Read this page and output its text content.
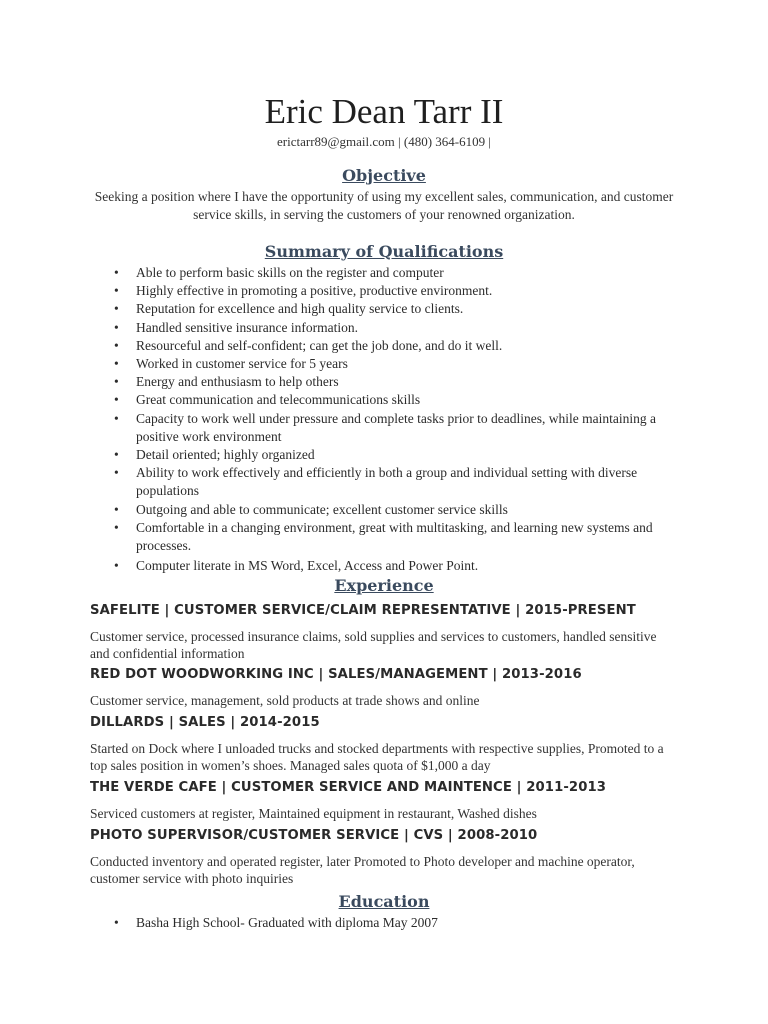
Eric Dean Tarr II
erictarr89@gmail.com | (480) 364-6109 |
Objective
Seeking a position where I have the opportunity of using my excellent sales, communication, and customer service skills, in serving the customers of your renowned organization.
Summary of Qualifications
• Able to perform basic skills on the register and computer
• Highly effective in promoting a positive, productive environment.
• Reputation for excellence and high quality service to clients.
• Handled sensitive insurance information.
• Resourceful and self-confident; can get the job done, and do it well.
• Worked in customer service for 5 years
• Energy and enthusiasm to help others
• Great communication and telecommunications skills
• Capacity to work well under pressure and complete tasks prior to deadlines, while maintaining a positive work environment
• Detail oriented; highly organized
• Ability to work effectively and efficiently in both a group and individual setting with diverse populations
• Outgoing and able to communicate; excellent customer service skills
• Comfortable in a changing environment, great with multitasking, and learning new systems and processes.
• Computer literate in MS Word, Excel, Access and Power Point.
Experience
SAFELITE | CUSTOMER SERVICE/CLAIM REPRESENTATIVE | 2015-PRESENT
Customer service, processed insurance claims, sold supplies and services to customers, handled sensitive and confidential information
RED DOT WOODWORKING INC | SALES/MANAGEMENT | 2013-2016
Customer service, management, sold products at trade shows and online
DILLARDS | SALES | 2014-2015
Started on Dock where I unloaded trucks and stocked departments with respective supplies, Promoted to a top sales position in women’s shoes. Managed sales quota of $1,000 a day
THE VERDE CAFE | CUSTOMER SERVICE AND MAINTENCE | 2011-2013
Serviced customers at register, Maintained equipment in restaurant, Washed dishes
PHOTO SUPERVISOR/CUSTOMER SERVICE | CVS | 2008-2010
Conducted inventory and operated register, later Promoted to Photo developer and machine operator, customer service with photo inquiries
Education
• Basha High School- Graduated with diploma May 2007
